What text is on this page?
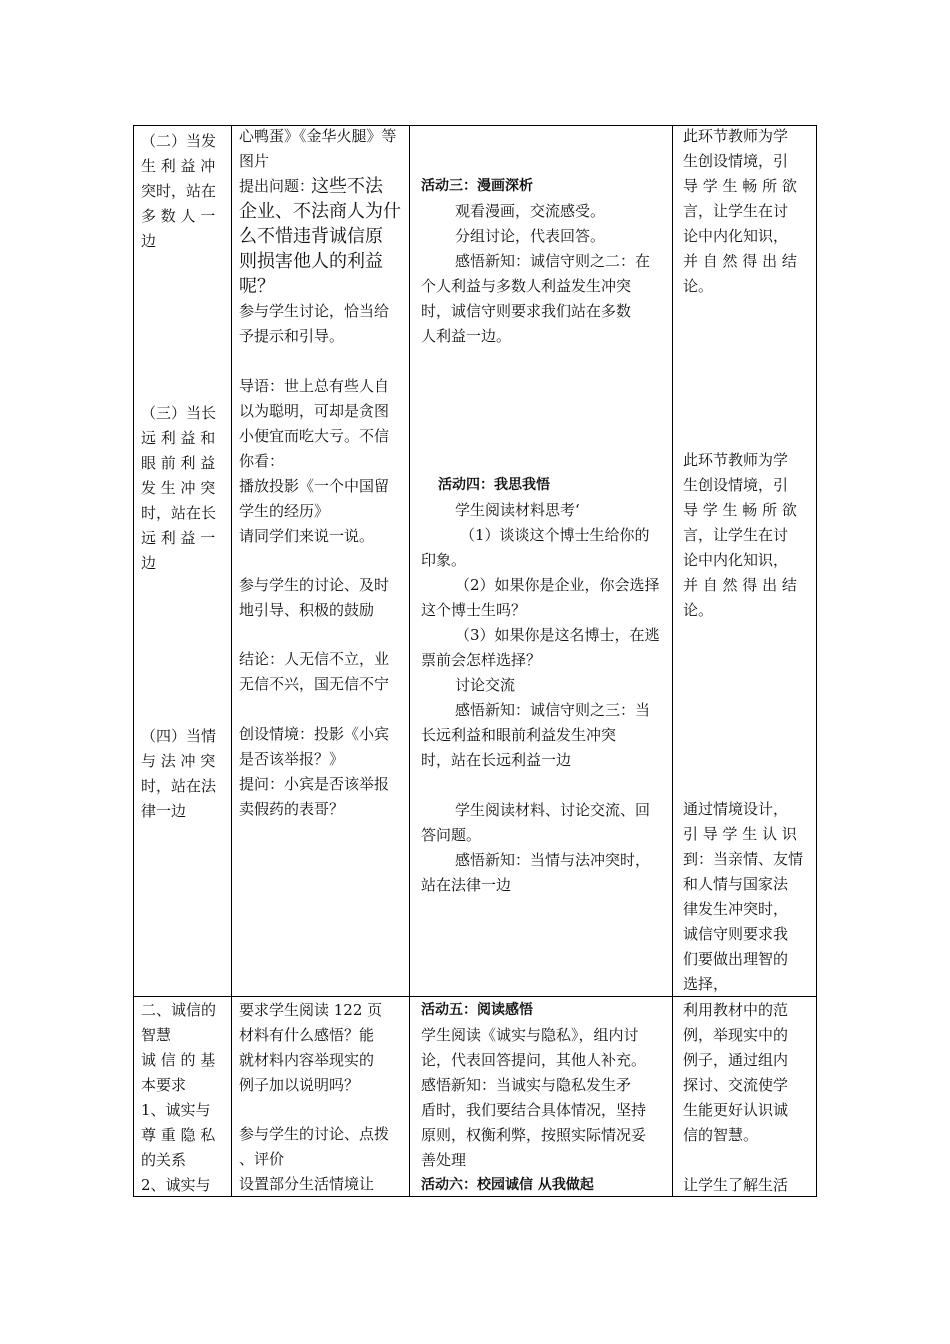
（二）当发
生 利 益 冲
突时，站在
多 数 人 一
边
（三）当长
远 利 益 和
眼 前 利 益
发 生 冲 突
时，站在长
远 利 益 一
边
（四）当情
与 法 冲 突
时，站在法
律一边
二、诚信的
智慧
诚 信 的 基
本要求
1、诚实与
尊 重 隐 私
的关系
2、诚实与
心鸭蛋》《金华火腿》等
图片
提出问题：
这些不法
企业、不法商人为什
么不惜违背诚信原
则损害他人的利益
呢？
参与学生讨论，恰当给
予提示和引导。
导语：世上总有些人自
以为聪明，可却是贪图
小便宜而吃大亏。不信
你看：
播放投影《一个中国留
学生的经历》
请同学们来说一说。
参与学生的讨论、及时
地引导、积极的鼓励
结论：人无信不立，业
无信不兴，国无信不宁
创设情境：投影《小宾
是否该举报？》
提问：小宾是否该举报
卖假药的表哥？
要求学生阅读 122 页
材料有什么感悟？能
就材料内容举现实的
例子加以说明吗？
参与学生的讨论、点拨
、评价
设置部分生活情境让
活动三：漫画深析
观看漫画，交流感受。
分组讨论，代表回答。
感悟新知：诚信守则之二：在
个人利益与多数人利益发生冲突
时，诚信守则要求我们站在多数
人利益一边。
活动四：我思我悟
学生阅读材料思考‘
（1）谈谈这个博士生给你的
印象。
（2）如果你是企业，你会选择
这个博士生吗？
（3）如果你是这名博士，在逃
票前会怎样选择？
讨论交流
感悟新知：诚信守则之三：当
长远利益和眼前利益发生冲突
时，站在长远利益一边
学生阅读材料、讨论交流、回
答问题。
感悟新知：当情与法冲突时，
站在法律一边
活动五：阅读感悟
学生阅读《诚实与隐私》，组内讨
论，代表回答提问，其他人补充。
感悟新知：当诚实与隐私发生矛
盾时，我们要结合具体情况，坚持
原则，权衡利弊，按照实际情况妥
善处理
活动六：校园诚信 从我做起
此环节教师为学
生创设情境，引
导 学 生 畅 所 欲
言，让学生在讨
论中内化知识，
并 自 然 得 出 结
论。
此环节教师为学
生创设情境，引
导 学 生 畅 所 欲
言，让学生在讨
论中内化知识，
并 自 然 得 出 结
论。
通过情境设计，
引 导 学 生 认 识
到：当亲情、友情
和人情与国家法
律发生冲突时，
诚信守则要求我
们要做出理智的
选择，
利用教材中的范
例，举现实中的
例子，通过组内
探讨、交流使学
生能更好认识诚
信的智慧。
让学生了解生活
